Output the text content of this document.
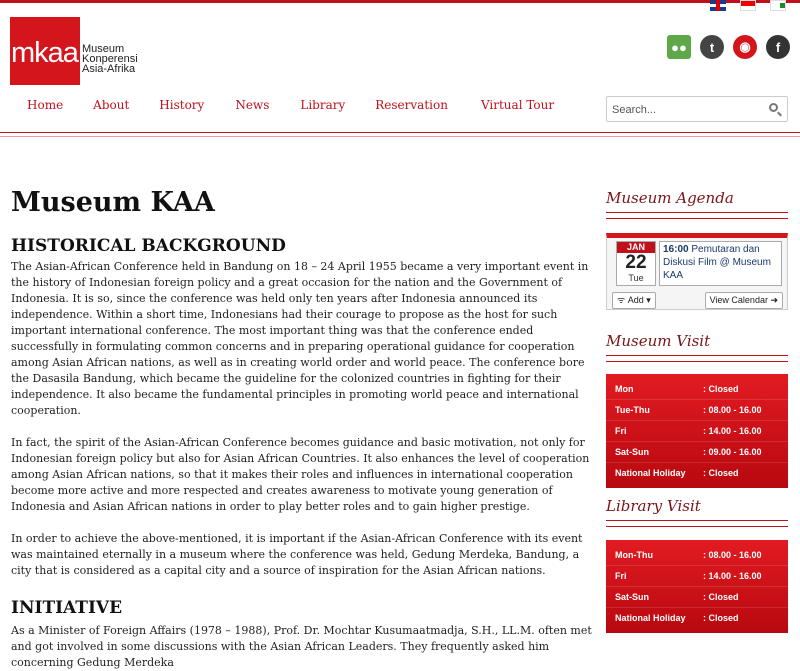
mkaa Museum
Konperensi
Asia-Afrika
●●	t	◉	f
Home	About	History	News	Library	Reservation	Virtual Tour
Search...
Museum KAA
HISTORICAL BACKGROUND

The Asian-African Conference held in Bandung on 18 – 24 April 1955 became a very important event in the history of Indonesian foreign policy and a great occasion for the nation and the Government of Indonesia. It is so, since the conference was held only ten years after Indonesia announced its independence. Within a short time, Indonesians had their courage to propose as the host for such important international conference. The most important thing was that the conference ended successfully in formulating common concerns and in preparing operational guidance for cooperation among Asian African nations, as well as in creating world order and world peace. The conference bore the Dasasila Bandung, which became the guideline for the colonized countries in fighting for their independence. It also became the fundamental principles in promoting world peace and international cooperation.

In fact, the spirit of the Asian-African Conference becomes guidance and basic motivation, not only for Indonesian foreign policy but also for Asian African Countries. It also enhances the level of cooperation among Asian African nations, so that it makes their roles and influences in international cooperation become more active and more respected and creates awareness to motivate young generation of Indonesia and Asian African nations in order to play better roles and to gain higher prestige.

In order to achieve the above-mentioned, it is important if the Asian-African Conference with its event was maintained eternally in a museum where the conference was held, Gedung Merdeka, Bandung, a city that is considered as a capital city and a source of inspiration for the Asian African nations.

INITIATIVE

As a Minister of Foreign Affairs (1978 – 1988), Prof. Dr. Mochtar Kusumaatmadja, S.H., LL.M. often met and got involved in some discussions with the Asian African Leaders. They frequently asked him concerning Gedung Merdeka

Museum Agenda
JAN
22
Tue
16:00 Pemutaran dan Diskusi Film @ Museum KAA
ᯤ Add ▾	View Calendar ➜
Museum Visit
Mon	: Closed
Tue-Thu	: 08.00 - 16.00
Fri	: 14.00 - 16.00
Sat-Sun	: 09.00 - 16.00
National Holiday	: Closed
Library Visit
Mon-Thu	: 08.00 - 16.00
Fri	: 14.00 - 16.00
Sat-Sun	: Closed
National Holiday	: Closed
